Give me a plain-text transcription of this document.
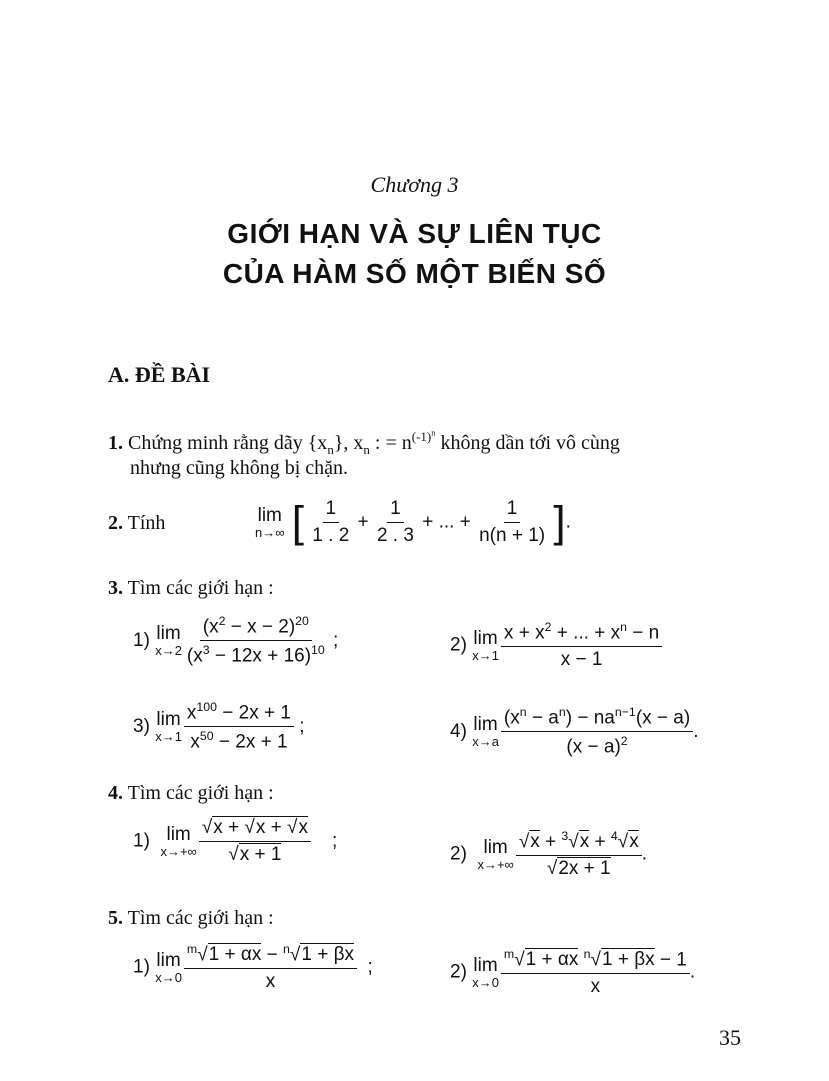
Chương 3
GIỚI HẠN VÀ SỰ LIÊN TỤC
CỦA HÀM SỐ MỘT BIẾN SỐ
A. ĐỀ BÀI
1. Chứng minh rằng dãy $\{x_n\}$, $x_n$ : = $n^{(-1)^n}$ không dần tới vô cùng
nhưng cũng không bị chặn.
2. Tính	lim
n→∞ [ $\frac{1}{1 . 2} + \frac{1}{2 . 3}$ + ... + $\frac{1}{n(n + 1)}$ ].
3. Tìm các giới hạn :
1) lim
$x\to 2 \frac{(x^2 - x - 2)^{20}}{(x^3 - 12x + 16)^{10}}$ ;	2) lim
$x\to 1 \frac{x + x^2 + ... + x^n - n}{x - 1}$
3) lim
$x\to 1 \frac{x^{100} - 2x + 1}{x^{50} - 2x + 1}$ ;	4) lim
$x\to a \frac{(x^n - a^n) - na^{n-1}(x - a)}{(x - a)^2}$ .
4. Tìm các giới hạn :
1) lim
$x\to+\infty \frac{√x + √x + √x}{√x + 1}$ ;
2) lim
$x\to+\infty \frac{√x + ^3√x + ^4√x}{√2x + 1}$ .
5. Tìm các giới hạn :
1) lim
$x\to 0 \frac{^m√1 + \alpha x - ^n√1 + \beta x}{x}$ ;	2) lim
$x\to 0 \frac{^m√1 + \alpha x ^n√1 + \beta x - 1}{x}$ .
35
